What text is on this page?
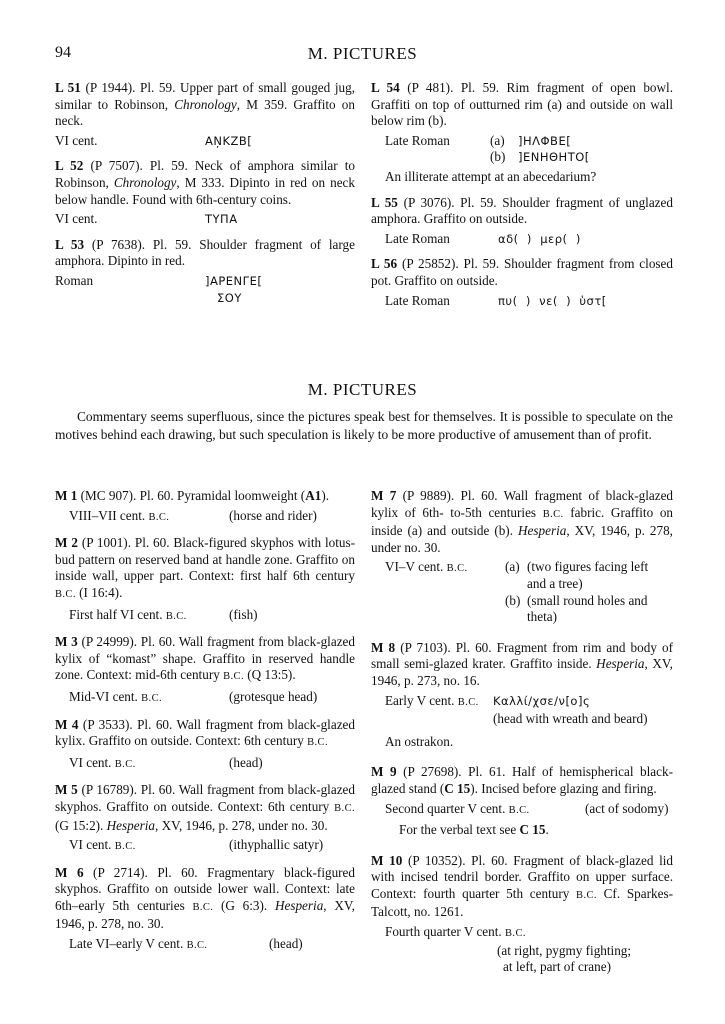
94	M. PICTURES
L 51 (P 1944). Pl. 59. Upper part of small gouged jug, similar to Robinson, Chronology, M 359. Graffito on neck.
VI cent.	AŅKZB[
L 52 (P 7507). Pl. 59. Neck of amphora similar to Robinson, Chronology, M 333. Dipinto in red on neck below handle. Found with 6th-century coins.
VI cent.	ΤΥΠΑ
L 53 (P 7638). Pl. 59. Shoulder fragment of large amphora. Dipinto in red.
Roman	]ΑΡΕΝΓΕ[
ΣΟΥ
L 54 (P 481). Pl. 59. Rim fragment of open bowl. Graffiti on top of outturned rim (a) and outside on wall below rim (b).
Late Roman	(a) ]ΗΛΦΒΕ[
(b) ]ΕΝΗΘΗΤΟ[
An illiterate attempt at an abecedarium?
L 55 (P 3076). Pl. 59. Shoulder fragment of unglazed amphora. Graffito on outside.
Late Roman	αδ(  )  μερ(  )
L 56 (P 25852). Pl. 59. Shoulder fragment from closed pot. Graffito on outside.
Late Roman	πυ(  )  νε(  )  ὑστ[
M. PICTURES
Commentary seems superfluous, since the pictures speak best for themselves. It is possible to speculate on the motives behind each drawing, but such speculation is likely to be more productive of amusement than of profit.
M 1 (MC 907). Pl. 60. Pyramidal loomweight (A1).
VIII–VII cent. B.C.	(horse and rider)
M 2 (P 1001). Pl. 60. Black-figured skyphos with lotus-bud pattern on reserved band at handle zone. Graffito on inside wall, upper part. Context: first half 6th century B.C. (I 16:4).
First half VI cent. B.C.	(fish)
M 3 (P 24999). Pl. 60. Wall fragment from black-glazed kylix of “komast” shape. Graffito in reserved handle zone. Context: mid-6th century B.C. (Q 13:5).
Mid-VI cent. B.C.	(grotesque head)
M 4 (P 3533). Pl. 60. Wall fragment from black-glazed kylix. Graffito on outside. Context: 6th century B.C.
VI cent. B.C.	(head)
M 5 (P 16789). Pl. 60. Wall fragment from black-glazed skyphos. Graffito on outside. Context: 6th century B.C. (G 15:2). Hesperia, XV, 1946, p. 278, under no. 30.
VI cent. B.C.	(ithyphallic satyr)
M 6 (P 2714). Pl. 60. Fragmentary black-figured skyphos. Graffito on outside lower wall. Context: late 6th–early 5th centuries B.C. (G 6:3). Hesperia, XV, 1946, p. 278, no. 30.
Late VI–early V cent. B.C.	(head)
M 7 (P 9889). Pl. 60. Wall fragment of black-glazed kylix of 6th- to-5th centuries B.C. fabric. Graffito on inside (a) and outside (b). Hesperia, XV, 1946, p. 278, under no. 30.
VI–V cent. B.C.	(a) (two figures facing left and a tree)
(b) (small round holes and theta)
M 8 (P 7103). Pl. 60. Fragment from rim and body of small semi-glazed krater. Graffito inside. Hesperia, XV, 1946, p. 273, no. 16.
Early V cent. B.C.	Καλλί/χσε/ν[ο]ς
(head with wreath and beard)
An ostrakon.
M 9 (P 27698). Pl. 61. Half of hemispherical black-glazed stand (C 15). Incised before glazing and firing.
Second quarter V cent. B.C.	(act of sodomy)
For the verbal text see C 15.
M 10 (P 10352). Pl. 60. Fragment of black-glazed lid with incised tendril border. Graffito on upper surface. Context: fourth quarter 5th century B.C. Cf. Sparkes-Talcott, no. 1261.
Fourth quarter V cent. B.C.
(at right, pygmy fighting;
at left, part of crane)
